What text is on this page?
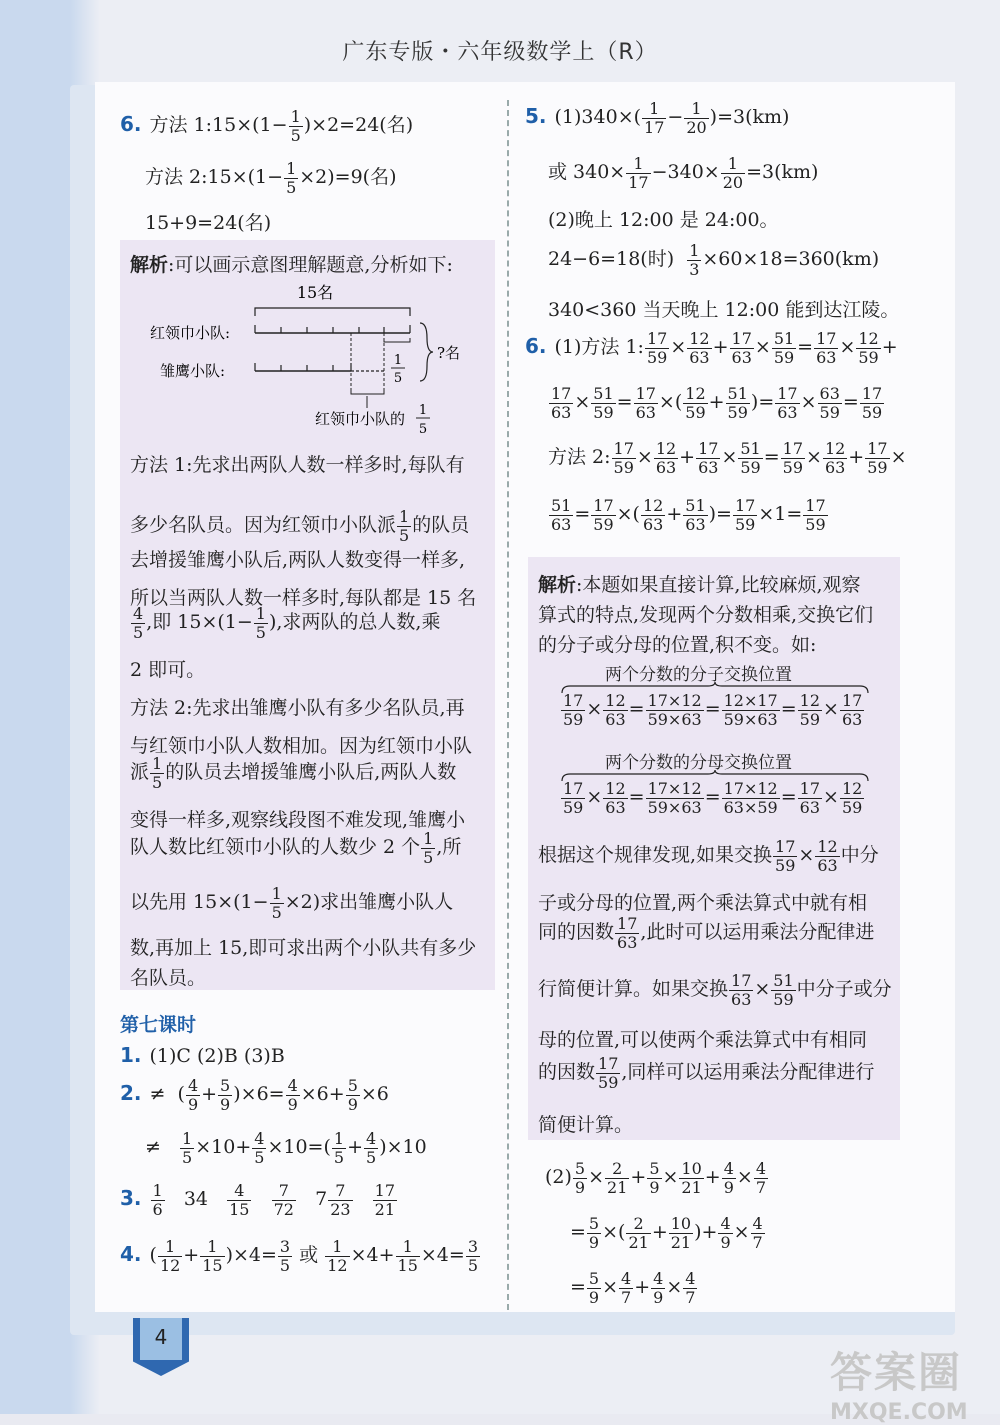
广东专版・六年级数学上（R）
6. 方法 1:15×(1− $\frac{1}{5} )\times 2=24$(名)
方法 2:15×(1− $\frac{1}{5} \times 2)=9$(名)
15+9=24(名)
解析:可以画示意图理解题意,分析如下:
15名
红领巾小队:
雏鹰小队:
1
5
?名
红领巾小队的 1
5
方法 1:先求出两队人数一样多时,每队有
多少名队员。因为红领巾小队派 $\frac{1}{5}$ 的队员
去增援雏鹰小队后,两队人数变得一样多,
所以当两队人数一样多时,每队都是 15 名
$\frac{4}{5}$ ,即 $15\times(1- \frac{1}{5}$ ),求两队的总人数,乘
2 即可。
方法 2:先求出雏鹰小队有多少名队员,再
与红领巾小队人数相加。因为红领巾小队
派 $\frac{1}{5}$ 的队员去增援雏鹰小队后,两队人数
变得一样多,观察线段图不难发现,雏鹰小
队人数比红领巾小队的人数少 2 个 $\frac{1}{5}$ ,所
以先用 $15\times(1- \frac{1}{5} \times 2)$求出雏鹰小队人
数,再加上 15,即可求出两个小队共有多少
名队员。
第七课时
1. (1)C (2)B (3)B
2. ≠  ( $\frac{4}{9} + \frac{5}{9} )\times 6= \frac{4}{9} \times 6+ \frac{5}{9} \times 6$
≠ $\frac{1}{5} \times 10+ \frac{4}{5} \times 10=( \frac{1}{5} + \frac{4}{5} )\times 10$
3. $\frac{1}{6} 34 \frac{4}{15}$
$\frac{7}{72} 7 \frac{7}{23}$
$\frac{17}{21}$
4. ( $\frac{1}{12} + \frac{1}{15} )\times 4= \frac{3}{5}$ 或 $\frac{1}{12} \times 4+ \frac{1}{15} \times 4= \frac{3}{5}$
5. $(1)340\times( \frac{1}{17} - \frac{1}{20} )=3(km)$
或 $340\times \frac{1}{17} -340\times \frac{1}{20} =3(km)$
(2)晚上 12:00 是 24:00。
24−6=18(时) $\frac{1}{3} \times 60\times 18=360(km)$
340<360 当天晚上 12:00 能到达江陵。
6. (1)方法 1: $\frac{17}{59} \times \frac{12}{63} + \frac{17}{63} \times \frac{51}{59} = \frac{17}{63} \times \frac{12}{59}$ +
$\frac{17}{63} \times \frac{51}{59} = \frac{17}{63}$ ×( $\frac{12}{59} + \frac{51}{59}$ )= $\frac{17}{63} \times \frac{63}{59} = \frac{17}{59}$
方法 2: $\frac{17}{59} \times \frac{12}{63} + \frac{17}{63} \times \frac{51}{59} = \frac{17}{59} \times \frac{12}{63} + \frac{17}{59}$ ×
$\frac{51}{63} = \frac{17}{59}$ ×( $\frac{12}{63} + \frac{51}{63}$ )= $\frac{17}{59} \times 1= \frac{17}{59}$
解析:本题如果直接计算,比较麻烦,观察
算式的特点,发现两个分数相乘,交换它们
的分子或分母的位置,积不变。如:
两个分数的分子交换位置
$\frac{17}{59} \times \frac{12}{63} = \frac{17\times 12}{59\times 63} = \frac{12\times 17}{59\times 63} = \frac{12}{59} \times \frac{17}{63}$
两个分数的分母交换位置
$\frac{17}{59} \times \frac{12}{63} = \frac{17\times 12}{59\times 63} = \frac{17\times 12}{63\times 59} = \frac{17}{63} \times \frac{12}{59}$
根据这个规律发现,如果交换 $\frac{17}{59} \times \frac{12}{63}$ 中分
子或分母的位置,两个乘法算式中就有相
同的因数 $\frac{17}{63}$ ,此时可以运用乘法分配律进
行简便计算。如果交换 $\frac{17}{63} \times \frac{51}{59}$ 中分子或分
母的位置,可以使两个乘法算式中有相同
的因数 $\frac{17}{59}$ ,同样可以运用乘法分配律进行
简便计算。
$(2) \frac{5}{9} \times \frac{2}{21} + \frac{5}{9} \times \frac{10}{21} + \frac{4}{9} \times \frac{4}{7}$
= $\frac{5}{9}$ ×( $\frac{2}{21} + \frac{10}{21}$ )+ $\frac{4}{9} \times \frac{4}{7}$
= $\frac{5}{9} \times \frac{4}{7} + \frac{4}{9} \times \frac{4}{7}$
4
答案圈
MXQE.COM
